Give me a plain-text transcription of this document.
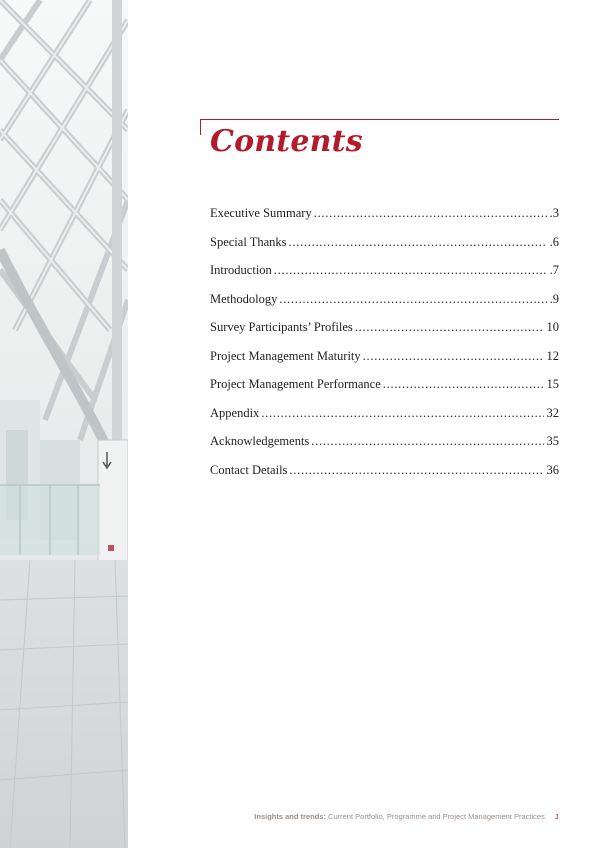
Contents
Executive Summary . . .	.3
Special Thanks . . .	.6
Introduction . . .	.7
Methodology . . .	.9
Survey Participants’ Profiles . . .	10
Project Management Maturity . . .	12
Project Management Performance . . .	15
Appendix . . .	32
Acknowledgements . . .	35
Contact Details . . .	36
Insights and trends: Current Portfolio, Programme and Project Management Practices 1
